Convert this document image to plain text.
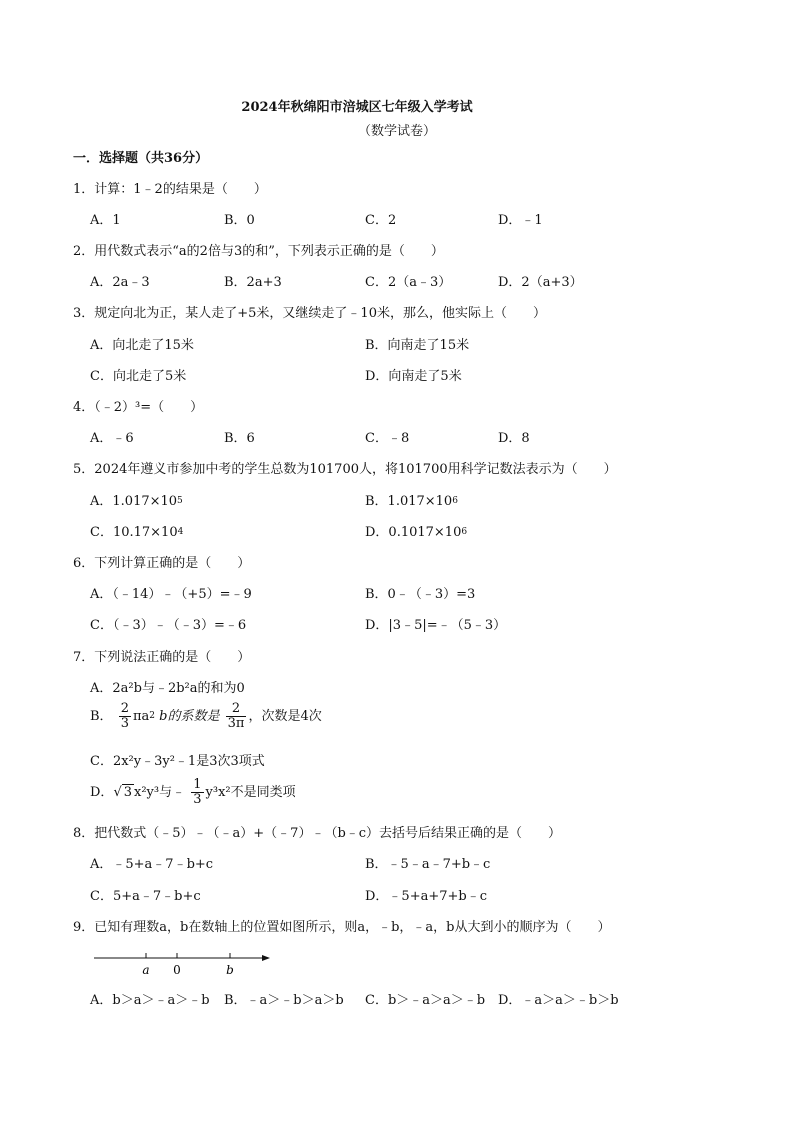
2024年秋绵阳市涪城区七年级入学考试
（数学试卷）
一．选择题（共36分）
1．计算：1﹣2的结果是（　　）
A．1	B．0	C．2	D．﹣1
2．用代数式表示“a的2倍与3的和”，下列表示正确的是（　　）
A．2a﹣3	B．2a+3	C．2（a﹣3）	D．2（a+3）
3．规定向北为正，某人走了+5米，又继续走了﹣10米，那么，他实际上（　　）
A．向北走了15米	B．向南走了15米
C．向北走了5米	D．向南走了5米
4．（﹣2）³=（　　）
A．﹣6	B．6	C．﹣8	D．8
5．2024年遵义市参加中考的学生总数为101700人，将101700用科学记数法表示为（　　）
A．$1.017\times 10^5$	B．$1.017\times 10^6$
C．$10.17\times 10^4$	D．$0.1017\times 10^6$
6．下列计算正确的是（　　）
A．（﹣14）﹣（+5）=﹣9	B．0﹣（﹣3）=3
C．（﹣3）﹣（﹣3）=﹣6	D．|3﹣5|=﹣（5﹣3）
7．下列说法正确的是（　　）
A．2a²b与﹣2b²a的和为0
B． $\frac{2}{3} \pi a^2$ b的系数是 $\frac{2}{3\pi}$ ，次数是4次
C．2x²y﹣3y²﹣1是3次3项式
D．√ 3 x²y³与﹣ $\frac{1}{3} y^3x^2$不是同类项
8．把代数式（﹣5）﹣（﹣a）+（﹣7）﹣（b﹣c）去括号后结果正确的是（　　）
A．﹣5+a﹣7﹣b+c	B．﹣5﹣a﹣7+b﹣c
C．5+a﹣7﹣b+c	D．﹣5+a+7+b﹣c
9．已知有理数a，b在数轴上的位置如图所示，则a，﹣b，﹣a，b从大到小的顺序为（　　）
a 0	b
A．b＞a＞﹣a＞﹣b B．﹣a＞﹣b＞a＞b C．b＞﹣a＞a＞﹣b D．﹣a＞a＞﹣b＞b
